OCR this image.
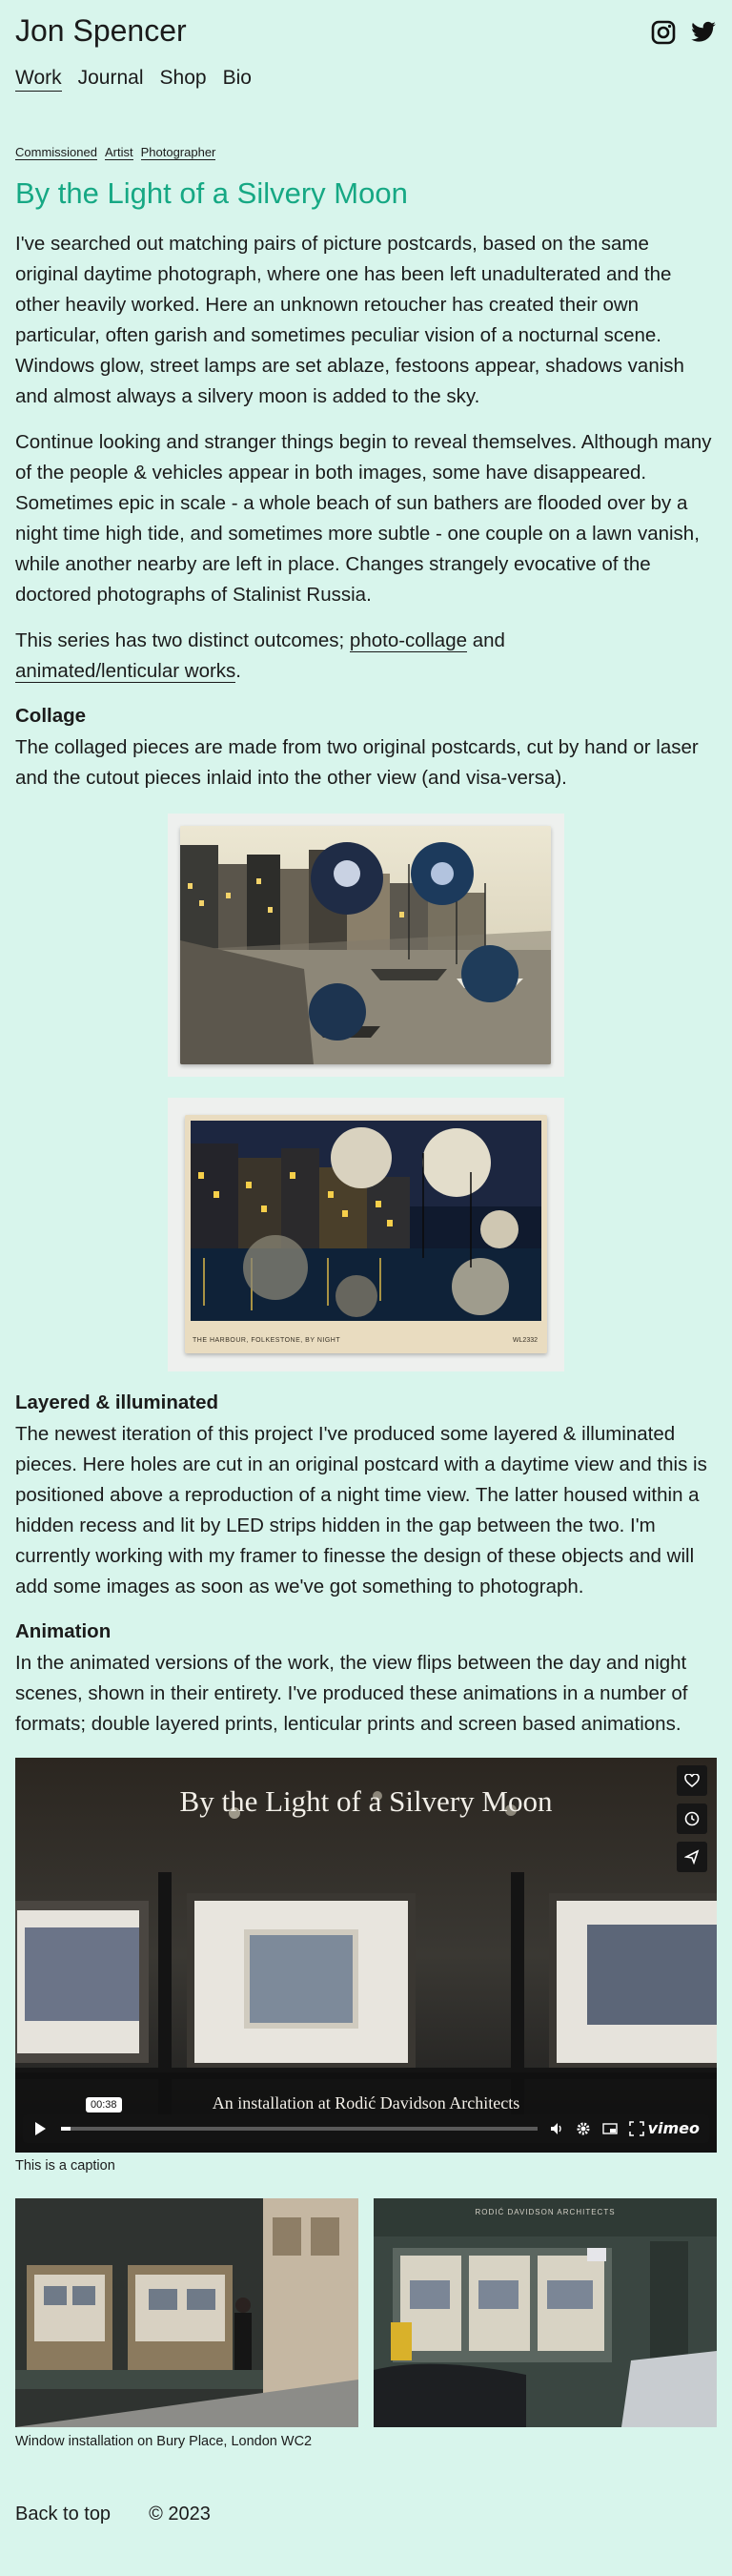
Jon Spencer
Work Journal Shop Bio
Commissioned Artist Photographer
By the Light of a Silvery Moon

I've searched out matching pairs of picture postcards, based on the same original daytime photograph, where one has been left unadulterated and the other heavily worked. Here an unknown retoucher has created their own particular, often garish and sometimes peculiar vision of a nocturnal scene. Windows glow, street lamps are set ablaze, festoons appear, shadows vanish and almost always a silvery moon is added to the sky.

Continue looking and stranger things begin to reveal themselves. Although many of the people & vehicles appear in both images, some have disappeared. Sometimes epic in scale - a whole beach of sun bathers are flooded over by a night time high tide, and sometimes more subtle - one couple on a lawn vanish, while another nearby are left in place. Changes strangely evocative of the doctored photographs of Stalinist Russia.

This series has two distinct outcomes; photo-collage and
animated/lenticular works.

Collage

The collaged pieces are made from two original postcards, cut by hand or laser and the cutout pieces inlaid into the other view (and visa-versa).

THE HARBOUR, FOLKESTONE, BY NIGHT	WL2332
Layered & illuminated

The newest iteration of this project I've produced some layered & illuminated pieces. Here holes are cut in an original postcard with a daytime view and this is positioned above a reproduction of a night time view. The latter housed within a hidden recess and lit by LED strips hidden in the gap between the two. I'm currently working with my framer to finesse the design of these objects and will add some images as soon as we've got something to photograph.

Animation

In the animated versions of the work, the view flips between the day and night scenes, shown in their entirety. I've produced these animations in a number of formats; double layered prints, lenticular prints and screen based animations.

By the Light of a Silvery Moon
An installation at Rodić Davidson Architects
00:38
vimeo
This is a caption
RODIĆ DAVIDSON ARCHITECTS
Window installation on Bury Place, London WC2
Back to top © 2023
